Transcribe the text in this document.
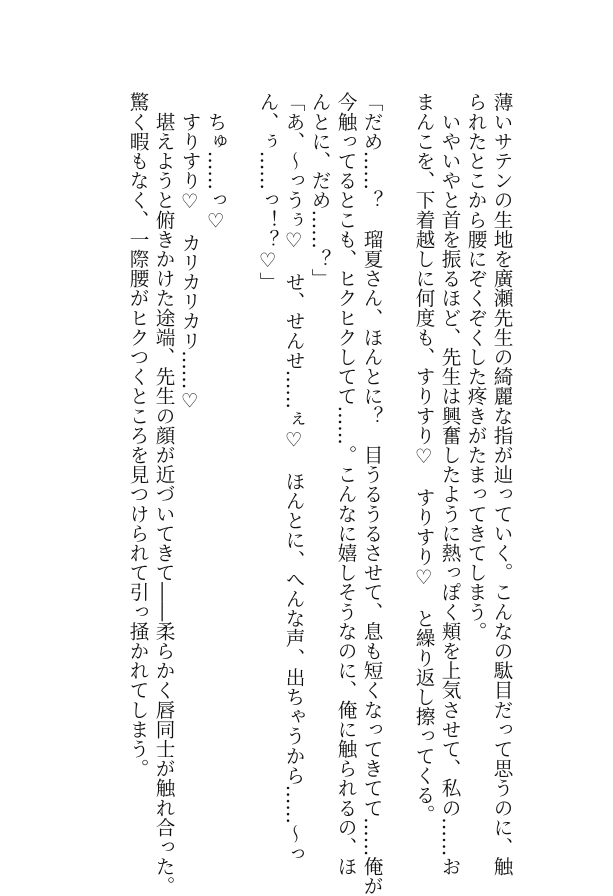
薄いサテンの生地を廣瀬先生の綺麗な指が辿っていく。こんなの駄目だって思うのに、触
られたとこから腰にぞくぞくした疼きがたまってきてしまう。
　いやいやと首を振るほど、先生は興奮したように熱っぽく頬を上気させて、私の……お
まんこを、下着越しに何度も、すりすり♡　すりすり♡　と繰り返し擦ってくる。
「だめ……？　瑠夏さん、ほんとに？　目うるうるさせて、息も短くなってきてて……俺が
今触ってるとこも、ヒクヒクしてて……。こんなに嬉しそうなのに、俺に触られるの、ほ
んとに、だめ……？」
「あ、～っうぅ♡　せ、せんせ……ぇ♡　ほんとに、へんな声、出ちゃうから……～っ
ん、ぅ……っ！？♡」
　ちゅ……っ♡
　すりすり♡　カリカリカリ……♡
　堪えようと俯きかけた途端、先生の顔が近づいてきて――柔らかく唇同士が触れ合った。
驚く暇もなく、一際腰がヒクつくところを見つけられて引っ掻かれてしまう。
